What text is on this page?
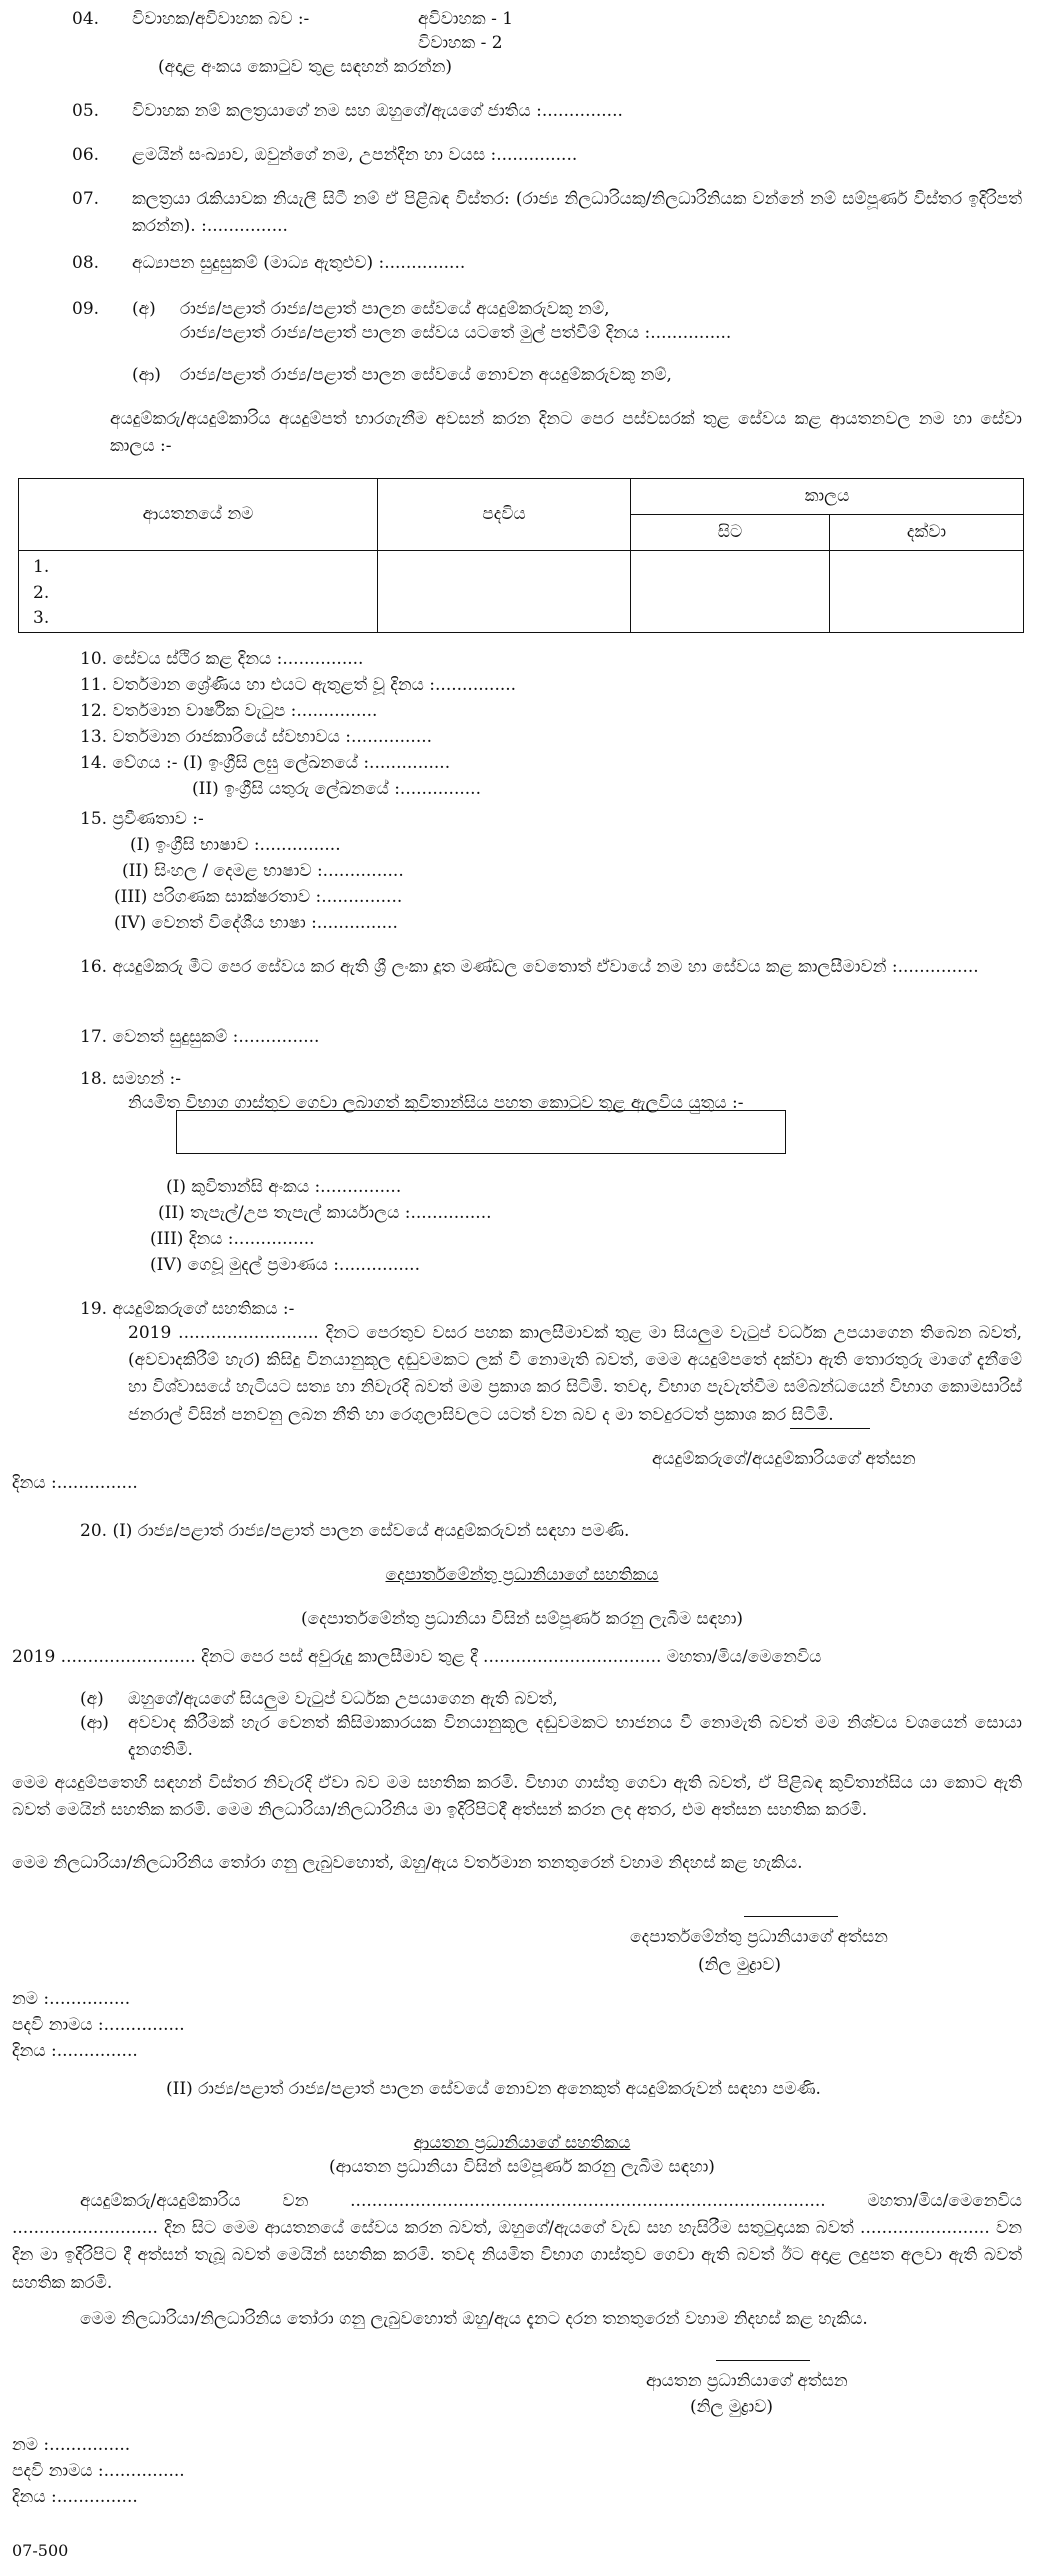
04. විවාහක/අවිවාහක බව :-	අවිවාහක - 1
විවාහක - 2
(අදාළ අංකය කොටුව තුළ සඳහන් කරන්න)
05. විවාහක නම් කලත්‍රයාගේ නම සහ ඔහුගේ/ඇයගේ ජාතිය :...............
06. ළමයින් සංඛ්‍යාව, ඔවුන්ගේ නම, උපන්දින හා වයස :...............
07. කලත්‍රයා රැකියාවක නියැලී සිටී නම් ඒ පිළිබඳ විස්තර: (රාජ්‍ය නිලධාරියකු/නිලධාරිනියක වන්නේ නම් සම්පූර්ණ විස්තර ඉදිරිපත් කරන්න). :...............
08. අධ්‍යාපන සුදුසුකම් (මාධ්‍ය ඇතුළුව) :...............
09. (අ) රාජ්‍ය/පළාත් රාජ්‍ය/පළාත් පාලන සේවයේ අයදුම්කරුවකු නම්,
රාජ්‍ය/පළාත් රාජ්‍ය/පළාත් පාලන සේවය යටතේ මුල් පත්වීම් දිනය :...............
(ආ) රාජ්‍ය/පළාත් රාජ්‍ය/පළාත් පාලන සේවයේ නොවන අයදුම්කරුවකු නම්,
අයදුම්කරු/අයදුම්කාරිය අයදුම්පත් භාරගැනීම අවසන් කරන දිනට පෙර පස්වසරක් තුළ සේවය කළ ආයතනවල නම හා සේවා කාලය :-
ආයතනයේ නම	පදවිය	කාලය	
		සිට	දක්වා

1.
2.
3.			

10. සේවය ස්ථිර කළ දිනය :...............
11. වර්තමාන ශ්‍රේණිය හා එයට ඇතුළත් වූ දිනය :...............
12. වර්තමාන වාර්ෂික වැටුප :...............
13. වර්තමාන රාජකාරියේ ස්වභාවය :...............
14. වේගය :- (I) ඉංග්‍රීසි ලඝු ලේඛනයේ :...............
(II) ඉංග්‍රීසි යතුරු ලේඛනයේ :...............
15. ප්‍රවීණතාව :-
(I) ඉංග්‍රීසි භාෂාව :...............
(II) සිංහල / දෙමළ භාෂාව :...............
(III) පරිගණක සාක්ෂරතාව :...............
(IV) වෙනත් විදේශීය භාෂා :...............
16. අයදුම්කරු මීට පෙර සේවය කර ඇති ශ්‍රී ලංකා දූත මණ්ඩල වෙතොත් ඒවායේ නම හා සේවය කළ කාලසීමාවන් :...............
17. වෙනත් සුදුසුකම් :...............
18. සමහන් :-
නියමිත විභාග ගාස්තුව ගෙවා ලබාගත් කුවිතාන්සිය පහත කොටුව තුළ ඇලවිය යුතුය :-
(I) කුවිතාන්සි අංකය :...............
(II) තැපැල්/උප තැපැල් කාර්යාලය :...............
(III) දිනය :...............
(IV) ගෙවූ මුදල් ප්‍රමාණය :...............
19. අයදුම්කරුගේ සහතිකය :-
2019 .......................... දිනට පෙරතුව වසර පහක කාලසීමාවක් තුළ මා සියලුම වැටුප් වර්ධක උපයාගෙන තිබෙන බවත්, (අවවාදකිරීම් හැර) කිසිදු විනයානුකූල දඬුවමකට ලක් වී නොමැති බවත්, මෙම අයදුම්පතේ දක්වා ඇති තොරතුරු මාගේ දැනීමේ හා විශ්වාසයේ හැටියට සත්‍ය හා නිවැරදි බවත් මම ප්‍රකාශ කර සිටිමි. තවද, විභාග පැවැත්වීම සම්බන්ධයෙන් විභාග කොමසාරිස් ජනරාල් විසින් පනවනු ලබන නීති හා රෙගුලාසිවලට යටත් වන බව ද මා තවදුරටත් ප්‍රකාශ කර සිටිමි.
අයදුම්කරුගේ/අයදුම්කාරියගේ අත්සන
දිනය :...............
20. (I) රාජ්‍ය/පළාත් රාජ්‍ය/පළාත් පාලන සේවයේ අයදුම්කරුවන් සඳහා පමණි.
දෙපාර්තමේන්තු ප්‍රධානියාගේ සහතිකය
(දෙපාර්තමේන්තු ප්‍රධානියා විසින් සම්පූර්ණ කරනු ලැබීම සඳහා)
2019 ......................... දිනට පෙර පස් අවුරුදු කාලසීමාව තුළ දී ................................. මහතා/මිය/මෙනෙවිය
(අ) ඔහුගේ/ඇයගේ සියලුම වැටුප් වර්ධක උපයාගෙන ඇති බවත්,
(ආ) අවවාද කිරීමක් හැර වෙනත් කිසිමාකාරයක විනයානුකූල දඬුවමකට භාජනය වී නොමැති බවත් මම නිශ්චය වශයෙන් සොයා දැනගතිමි.
මෙම අයදුම්පතෙහි සඳහන් විස්තර නිවැරදි ඒවා බව මම සහතික කරමි. විභාග ගාස්තු ගෙවා ඇති බවත්, ඒ පිළිබඳ කුවිතාන්සිය යා කොට ඇති බවත් මෙයින් සහතික කරමි. මෙම නිලධාරියා/නිලධාරිනිය මා ඉදිරිපිටදී අත්සන් කරන ලද අතර, එම අත්සන සහතික කරමි.
මෙම නිලධාරියා/නිලධාරිනිය තෝරා ගනු ලැබුවහොත්, ඔහු/ඇය වර්තමාන තනතුරෙන් වහාම නිදහස් කළ හැකිය.
දෙපාර්තමේන්තු ප්‍රධානියාගේ අත්සන
(නිල මුද්‍රාව)
නම :...............
පදවි නාමය :...............
දිනය :...............
(II) රාජ්‍ය/පළාත් රාජ්‍ය/පළාත් පාලන සේවයේ නොවන අනෙකුත් අයදුම්කරුවන් සඳහා පමණි.
ආයතන ප්‍රධානියාගේ සහතිකය
(ආයතන ප්‍රධානියා විසින් සම්පූර්ණ කරනු ලැබීම සඳහා)
අයදුම්කරු/අයදුම්කාරිය වන ........................................................................................ මහතා/මිය/මෙනෙවිය ........................... දින සිට මෙම ආයතනයේ සේවය කරන බවත්, ඔහුගේ/ඇයගේ වැඩ සහ හැසිරීම සතුටුදායක බවත් ........................ වන දින මා ඉදිරිපිට දී අත්සන් තැබූ බවත් මෙයින් සහතික කරමි. තවද නියමිත විභාග ගාස්තුව ගෙවා ඇති බවත් ඊට අදාළ ලදුපත අලවා ඇති බවත් සහතික කරමි.
මෙම නිලධාරියා/නිලධාරිනිය තෝරා ගනු ලැබුවහොත් ඔහු/ඇය දැනට දරන තනතුරෙන් වහාම නිදහස් කළ හැකිය.
ආයතන ප්‍රධානියාගේ අත්සන
(නිල මුද්‍රාව)
නම :...............
පදවි නාමය :...............
දිනය :...............
07-500
